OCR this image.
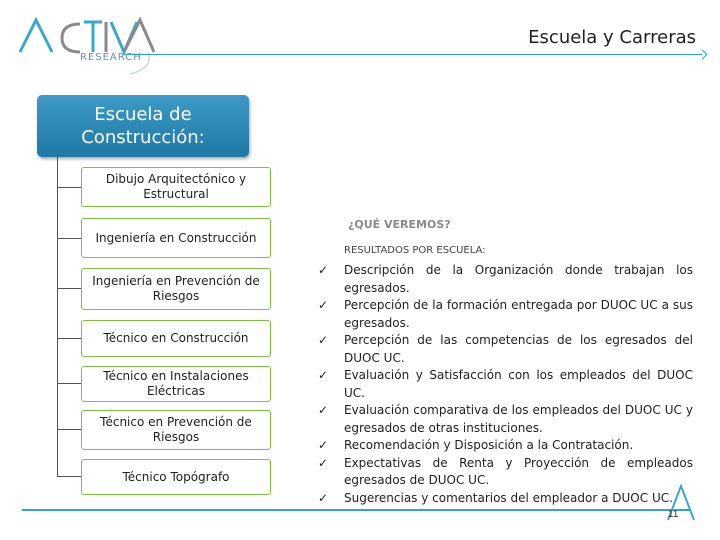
RESEARCH
Escuela y Carreras
Escuela de Construcción:
Dibujo Arquitectónico y Estructural
Ingeniería en Construcción
Ingeniería en Prevención de Riesgos
Técnico en Construcción
Técnico en Instalaciones Eléctricas
Técnico en Prevención de Riesgos
Técnico Topógrafo
¿QUÉ VEREMOS?
RESULTADOS POR ESCUELA:
✓ Descripción de la Organización donde trabajan los egresados.
✓ Percepción de la formación entregada por DUOC UC a sus egresados.
✓ Percepción de las competencias de los egresados del DUOC UC.
✓ Evaluación y Satisfacción con los empleados del DUOC UC.
✓ Evaluación comparativa de los empleados del DUOC UC y egresados de otras instituciones.
✓ Recomendación y Disposición a la Contratación.
✓ Expectativas de Renta y Proyección de empleados egresados de DUOC UC.
✓ Sugerencias y comentarios del empleador a DUOC UC.
11
